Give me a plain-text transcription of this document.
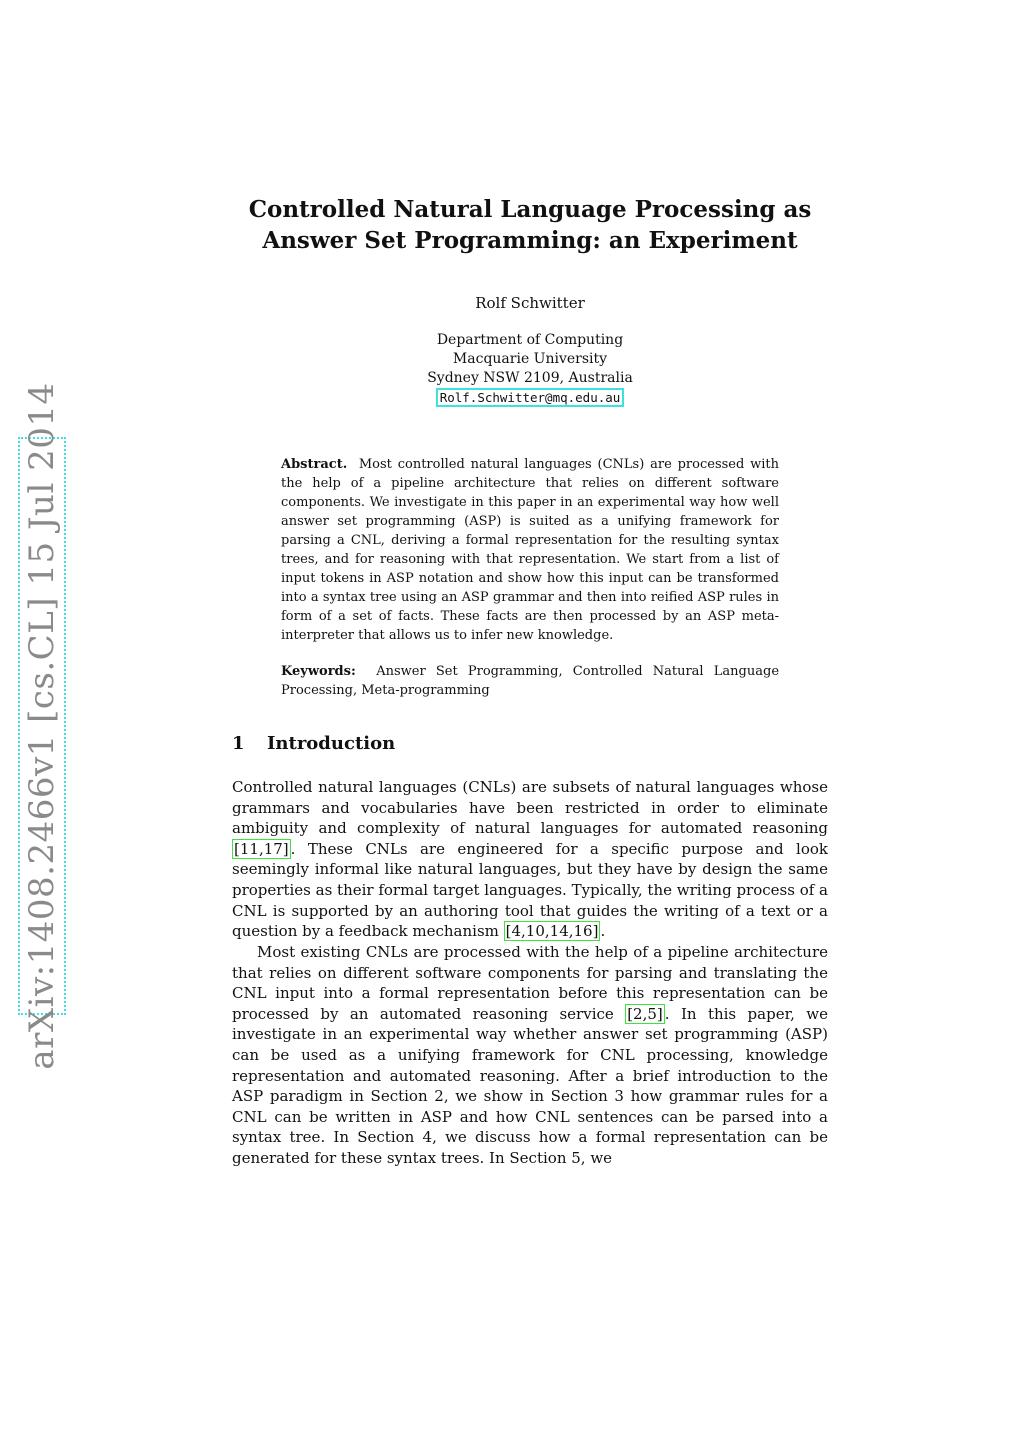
arXiv:1408.2466v1 [cs.CL] 15 Jul 2014
Controlled Natural Language Processing as
Answer Set Programming: an Experiment
Rolf Schwitter
Department of Computing
Macquarie University
Sydney NSW 2109, Australia
Rolf.Schwitter@mq.edu.au
Abstract. Most controlled natural languages (CNLs) are processed with the help of a pipeline architecture that relies on different software components. We investigate in this paper in an experimental way how well answer set programming (ASP) is suited as a unifying framework for parsing a CNL, deriving a formal representation for the resulting syntax trees, and for reasoning with that representation. We start from a list of input tokens in ASP notation and show how this input can be transformed into a syntax tree using an ASP grammar and then into reified ASP rules in form of a set of facts. These facts are then processed by an ASP meta-interpreter that allows us to infer new knowledge.
Keywords: Answer Set Programming, Controlled Natural Language Processing, Meta-programming
1 Introduction

Controlled natural languages (CNLs) are subsets of natural languages whose grammars and vocabularies have been restricted in order to eliminate ambiguity and complexity of natural languages for automated reasoning [11,17] . These CNLs are engineered for a specific purpose and look seemingly informal like natural languages, but they have by design the same properties as their formal target languages. Typically, the writing process of a CNL is supported by an authoring tool that guides the writing of a text or a question by a feedback mechanism [4,10,14,16] .

Most existing CNLs are processed with the help of a pipeline architecture that relies on different software components for parsing and translating the CNL input into a formal representation before this representation can be processed by an automated reasoning service [2,5] . In this paper, we investigate in an experimental way whether answer set programming (ASP) can be used as a unifying framework for CNL processing, knowledge representation and automated reasoning. After a brief introduction to the ASP paradigm in Section 2, we show in Section 3 how grammar rules for a CNL can be written in ASP and how CNL sentences can be parsed into a syntax tree. In Section 4, we discuss how a formal representation can be generated for these syntax trees. In Section 5, we
